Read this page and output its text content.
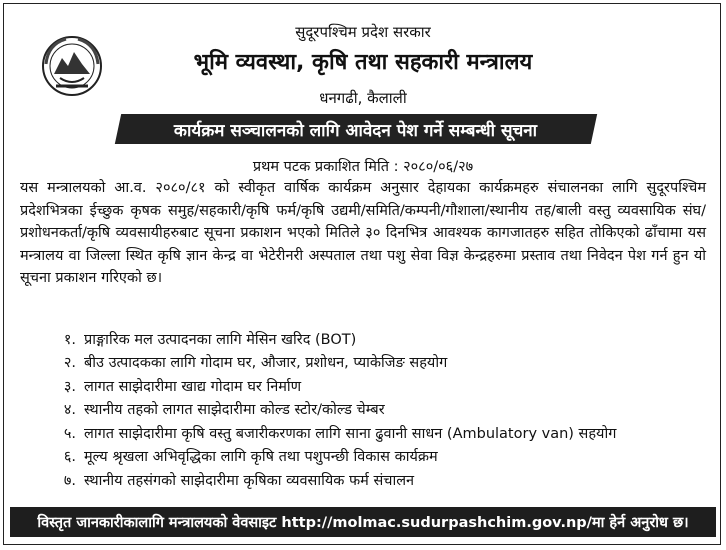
सुदूरपश्चिम प्रदेश सरकार
भूमि व्यवस्था, कृषि तथा सहकारी मन्त्रालय
धनगढी, कैलाली
कार्यक्रम सञ्चालनको लागि आवेदन पेश गर्ने सम्बन्धी सूचना
प्रथम पटक प्रकाशित मिति : २०८०/०६/२७
यस मन्त्रालयको आ.व. २०८०/८१ को स्वीकृत वार्षिक कार्यक्रम अनुसार देहायका कार्यक्रमहरु संचालनका लागि सुदूरपश्चिम प्रदेशभित्रका ईच्छुक कृषक समुह/सहकारी/कृषि फर्म/कृषि उद्यमी/समिति/कम्पनी/गौशाला/स्थानीय तह/बाली वस्तु व्यवसायिक संघ/प्रशोधनकर्ता/कृषि व्यवसायीहरुबाट सूचना प्रकाशन भएको मितिले ३० दिनभित्र आवश्यक कागजातहरु सहित तोकिएको ढाँचामा यस मन्त्रालय वा जिल्ला स्थित कृषि ज्ञान केन्द्र वा भेटेरीनरी अस्पताल तथा पशु सेवा विज्ञ केन्द्रहरुमा प्रस्ताव तथा निवेदन पेश गर्न हुन यो सूचना प्रकाशन गरिएको छ।
१. प्राङ्गारिक मल उत्पादनका लागि मेसिन खरिद (BOT)
२. बीउ उत्पादकका लागि गोदाम घर, औजार, प्रशोधन, प्याकेजिङ सहयोग
३. लागत साझेदारीमा खाद्य गोदाम घर निर्माण
४. स्थानीय तहको लागत साझेदारीमा कोल्ड स्टोर/कोल्ड चेम्बर
५. लागत साझेदारीमा कृषि वस्तु बजारीकरणका लागि साना ढुवानी साधन (Ambulatory van) सहयोग
६. मूल्य श्रृखला अभिवृद्धिका लागि कृषि तथा पशुपन्छी विकास कार्यक्रम
७. स्थानीय तहसंगको साझेदारीमा कृषिका व्यवसायिक फर्म संचालन
विस्तृत जानकारीकालागि मन्त्रालयको वेवसाइट http://molmac.sudurpashchim.gov.np/मा हेर्न अनुरोध छ।
